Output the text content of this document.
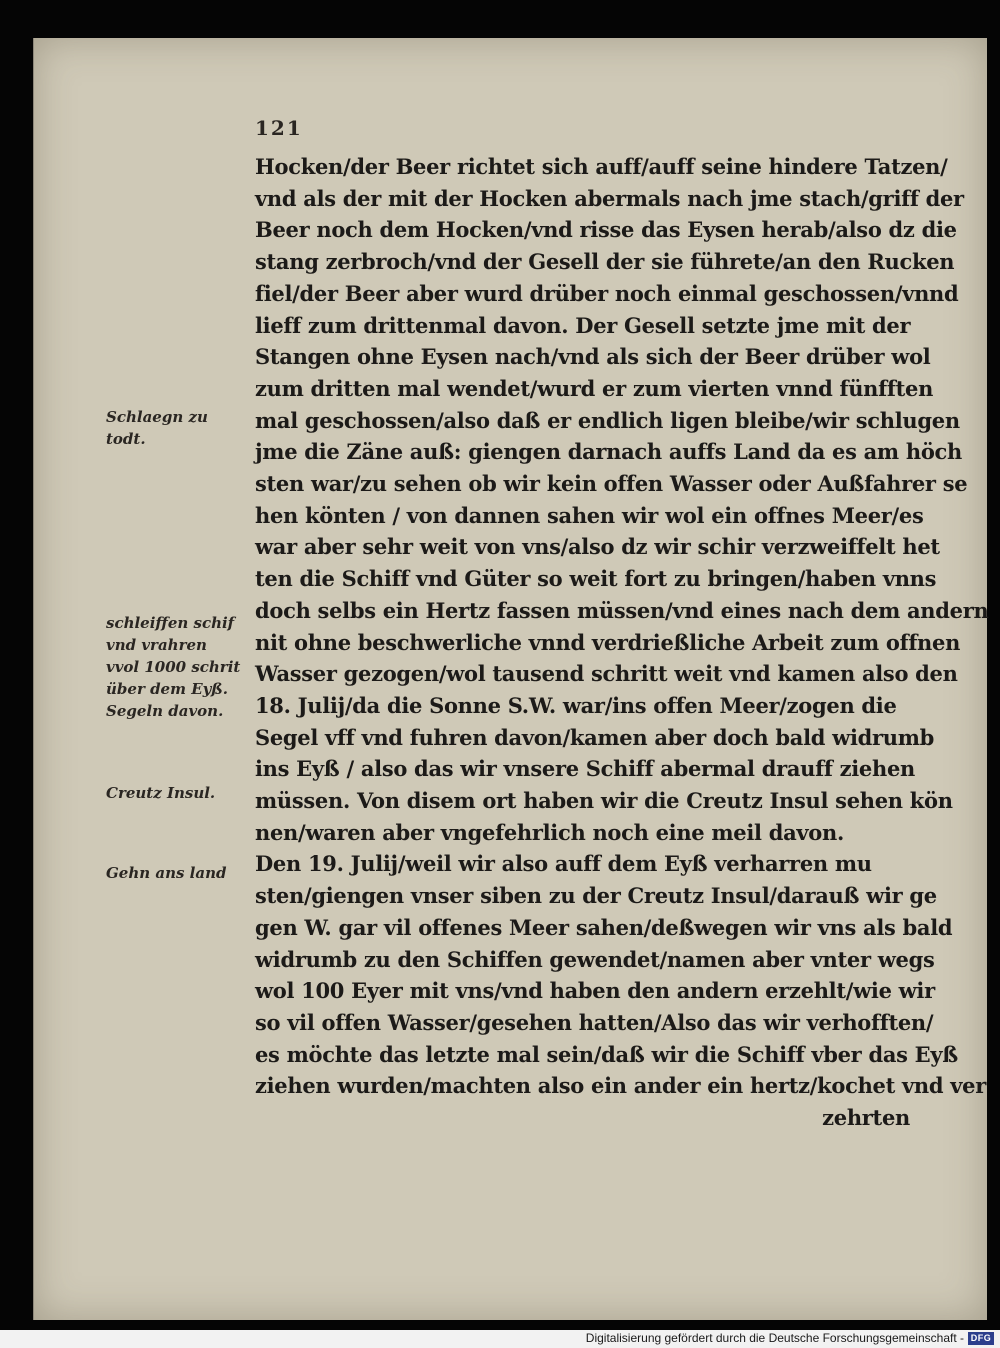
121
Hocken/der Beer richtet sich auff/auff seine hindere Tatzen/
vnd als der mit der Hocken abermals nach jme stach/griff der
Beer noch dem Hocken/vnd risse das Eysen herab/also dz die
stang zerbroch/vnd der Gesell der sie führete/an den Rucken
fiel/der Beer aber wurd drüber noch einmal geschossen/vnnd
lieff zum drittenmal davon. Der Gesell setzte jme mit der
Stangen ohne Eysen nach/vnd als sich der Beer drüber wol
zum dritten mal wendet/wurd er zum vierten vnnd fünfften
mal geschossen/also daß er endlich ligen bleibe/wir schlugen
jme die Zäne auß: giengen darnach auffs Land da es am höch
sten war/zu sehen ob wir kein offen Wasser oder Außfahrer se
hen könten / von dannen sahen wir wol ein offnes Meer/es
war aber sehr weit von vns/also dz wir schir verzweiffelt het
ten die Schiff vnd Güter so weit fort zu bringen/haben vnns
doch selbs ein Hertz fassen müssen/vnd eines nach dem andern
nit ohne beschwerliche vnnd verdrießliche Arbeit zum offnen
Wasser gezogen/wol tausend schritt weit vnd kamen also den
18. Julij/da die Sonne S.W. war/ins offen Meer/zogen die
Segel vff vnd fuhren davon/kamen aber doch bald widrumb
ins Eyß / also das wir vnsere Schiff abermal drauff ziehen
müssen. Von disem ort haben wir die Creutz Insul sehen kön
nen/waren aber vngefehrlich noch eine meil davon.
Den 19. Julij/weil wir also auff dem Eyß verharren mu
sten/giengen vnser siben zu der Creutz Insul/darauß wir ge
gen W. gar vil offenes Meer sahen/deßwegen wir vns als bald
widrumb zu den Schiffen gewendet/namen aber vnter wegs
wol 100 Eyer mit vns/vnd haben den andern erzehlt/wie wir
so vil offen Wasser/gesehen hatten/Also das wir verhofften/
es möchte das letzte mal sein/daß wir die Schiff vber das Eyß
ziehen wurden/machten also ein ander ein hertz/kochet vnd ver
zehrten
Schlaegn zu
todt.
schleiffen schif
vnd vrahren
vvol 1000 schrit
über dem Eyß.
Segeln davon.
Creutz Insul.
Gehn ans land
Digitalisierung gefördert durch die Deutsche Forschungsgemeinschaft - DFG
